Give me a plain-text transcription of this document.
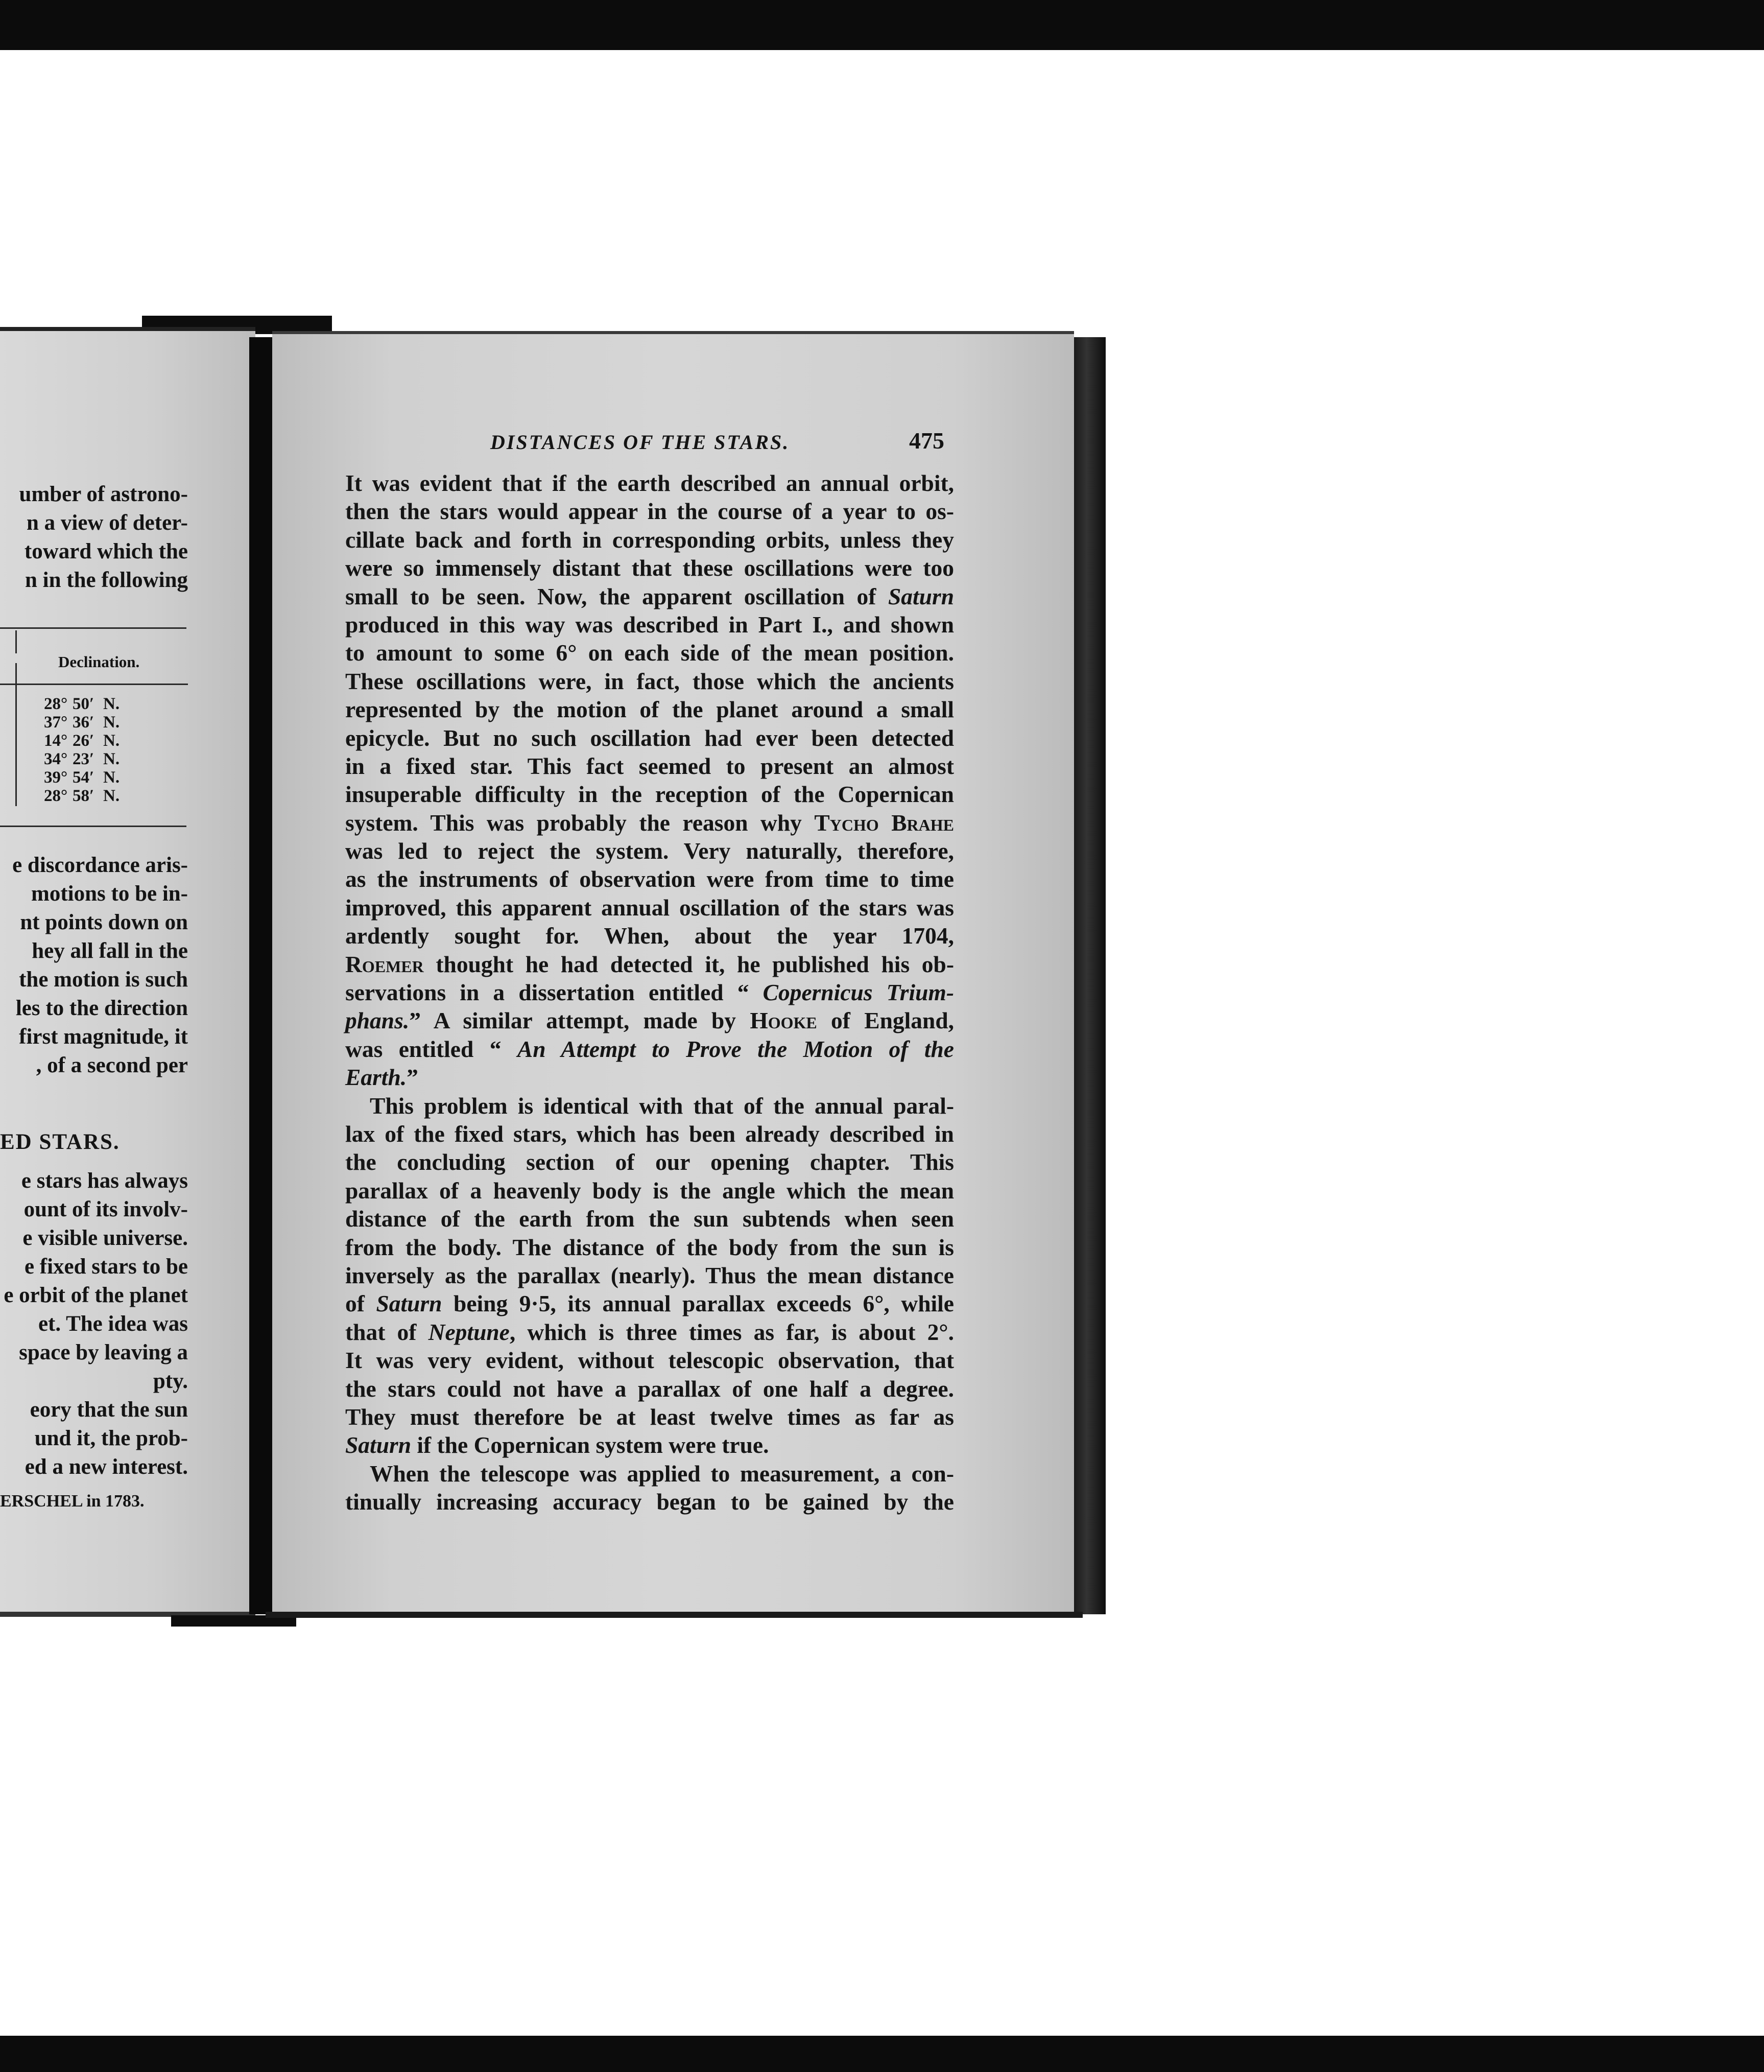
umber of astrono-
n a view of deter-
toward which the
n in the following
Declination.
28° 50′ N.
37° 36′ N.
14° 26′ N.
34° 23′ N.
39° 54′ N.
28° 58′ N.
e discordance aris-
motions to be in-
nt points down on
hey all fall in the
the motion is such
les to the direction
first magnitude, it
, of a second per
e stars has always
ount of its involv-
e visible universe.
e fixed stars to be
e orbit of the planet
et. The idea was
space by leaving a
pty.
eory that the sun
und it, the prob-
ed a new interest.
ERSCHEL in 1783.
ED STARS.
DISTANCES OF THE STARS.	475
It was evident that if the earth described an annual orbit,
then the stars would appear in the course of a year to os-
cillate back and forth in corresponding orbits, unless they
were so immensely distant that these oscillations were too
small to be seen. Now, the apparent oscillation of Saturn
produced in this way was described in Part I., and shown
to amount to some 6° on each side of the mean position.
These oscillations were, in fact, those which the ancients
represented by the motion of the planet around a small
epicycle. But no such oscillation had ever been detected
in a fixed star. This fact seemed to present an almost
insuperable difficulty in the reception of the Copernican
system. This was probably the reason why Tycho Brahe
was led to reject the system. Very naturally, therefore,
as the instruments of observation were from time to time
improved, this apparent annual oscillation of the stars was
ardently sought for. When, about the year 1704,
Roemer thought he had detected it, he published his ob-
servations in a dissertation entitled “ Copernicus Trium-
phans.” A similar attempt, made by Hooke of England,
was entitled “ An Attempt to Prove the Motion of the
Earth.”
This problem is identical with that of the annual paral-
lax of the fixed stars, which has been already described in
the concluding section of our opening chapter. This
parallax of a heavenly body is the angle which the mean
distance of the earth from the sun subtends when seen
from the body. The distance of the body from the sun is
inversely as the parallax (nearly). Thus the mean distance
of Saturn being 9·5, its annual parallax exceeds 6°, while
that of Neptune, which is three times as far, is about 2°.
It was very evident, without telescopic observation, that
the stars could not have a parallax of one half a degree.
They must therefore be at least twelve times as far as
Saturn if the Copernican system were true.
When the telescope was applied to measurement, a con-
tinually increasing accuracy began to be gained by the
